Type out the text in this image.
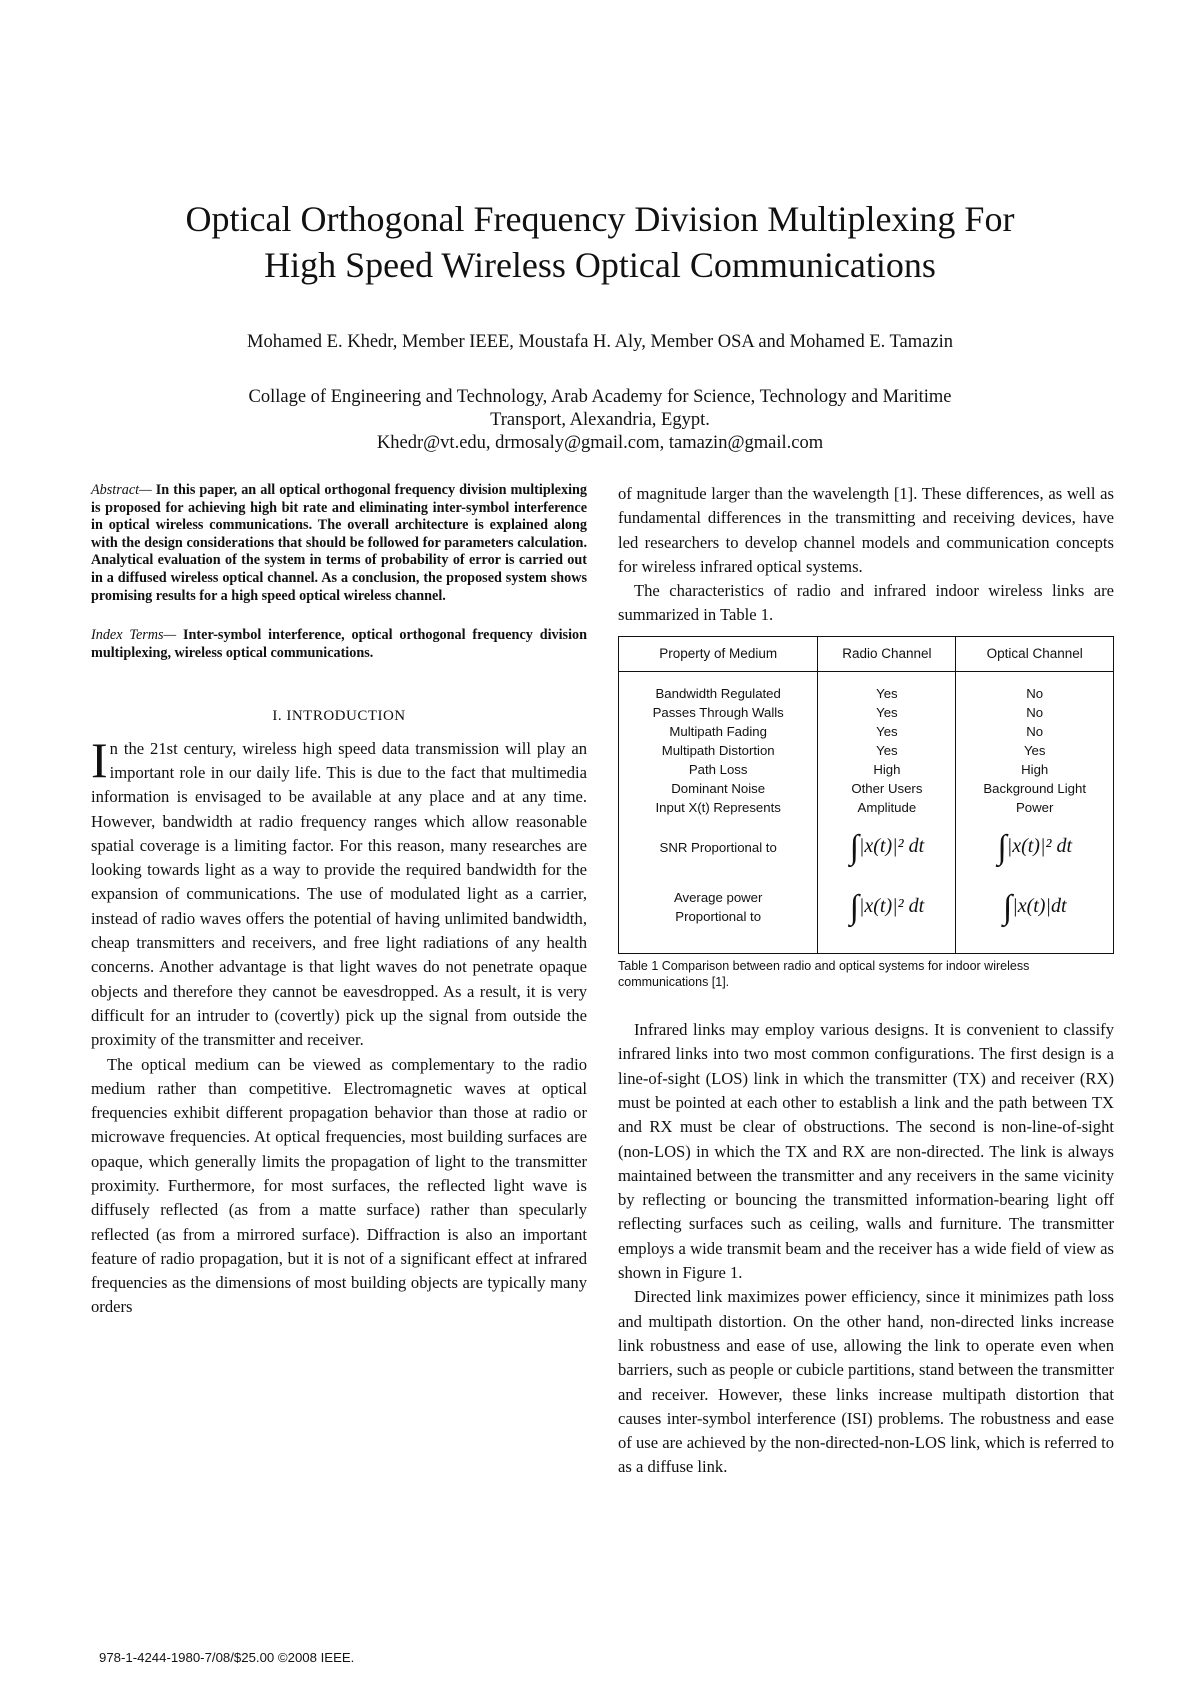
Optical Orthogonal Frequency Division Multiplexing For
High Speed Wireless Optical Communications
Mohamed E. Khedr, Member IEEE, Moustafa H. Aly, Member OSA and Mohamed E. Tamazin
Collage of Engineering and Technology, Arab Academy for Science, Technology and Maritime
Transport, Alexandria, Egypt.
Khedr@vt.edu, drmosaly@gmail.com, tamazin@gmail.com
Abstract— In this paper, an all optical orthogonal frequency division multiplexing is proposed for achieving high bit rate and eliminating inter-symbol interference in optical wireless communications. The overall architecture is explained along with the design considerations that should be followed for parameters calculation. Analytical evaluation of the system in terms of probability of error is carried out in a diffused wireless optical channel. As a conclusion, the proposed system shows promising results for a high speed optical wireless channel.
Index Terms— Inter-symbol interference, optical orthogonal frequency division multiplexing, wireless optical communications.
I. INTRODUCTION

In the 21st century, wireless high speed data transmission will play an important role in our daily life. This is due to the fact that multimedia information is envisaged to be available at any place and at any time. However, bandwidth at radio frequency ranges which allow reasonable spatial coverage is a limiting factor. For this reason, many researches are looking towards light as a way to provide the required bandwidth for the expansion of communications. The use of modulated light as a carrier, instead of radio waves offers the potential of having unlimited bandwidth, cheap transmitters and receivers, and free light radiations of any health concerns. Another advantage is that light waves do not penetrate opaque objects and therefore they cannot be eavesdropped. As a result, it is very difficult for an intruder to (covertly) pick up the signal from outside the proximity of the transmitter and receiver.

The optical medium can be viewed as complementary to the radio medium rather than competitive. Electromagnetic waves at optical frequencies exhibit different propagation behavior than those at radio or microwave frequencies. At optical frequencies, most building surfaces are opaque, which generally limits the propagation of light to the transmitter proximity. Furthermore, for most surfaces, the reflected light wave is diffusely reflected (as from a matte surface) rather than specularly reflected (as from a mirrored surface). Diffraction is also an important feature of radio propagation, but it is not of a significant effect at infrared frequencies as the dimensions of most building objects are typically many orders

of magnitude larger than the wavelength [1]. These differences, as well as fundamental differences in the transmitting and receiving devices, have led researchers to develop channel models and communication concepts for wireless infrared optical systems.

The characteristics of radio and infrared indoor wireless links are summarized in Table 1.

Property of Medium	Radio Channel	Optical Channel
Bandwidth Regulated	Yes	No
Passes Through Walls	Yes	No
Multipath Fading	Yes	No
Multipath Distortion	Yes	Yes
Path Loss	High	High
Dominant Noise	Other Users	Background Light
Input X(t) Represents	Amplitude	Power
SNR Proportional to	∫|x(t)|² dt	∫|x(t)|² dt

Average power
Proportional to	∫|x(t)|² dt	∫|x(t)|dt
Table 1 Comparison between radio and optical systems for indoor wireless communications [1].

Infrared links may employ various designs. It is convenient to classify infrared links into two most common configurations. The first design is a line-of-sight (LOS) link in which the transmitter (TX) and receiver (RX) must be pointed at each other to establish a link and the path between TX and RX must be clear of obstructions. The second is non-line-of-sight (non-LOS) in which the TX and RX are non-directed. The link is always maintained between the transmitter and any receivers in the same vicinity by reflecting or bouncing the transmitted information-bearing light off reflecting surfaces such as ceiling, walls and furniture. The transmitter employs a wide transmit beam and the receiver has a wide field of view as shown in Figure 1.

Directed link maximizes power efficiency, since it minimizes path loss and multipath distortion. On the other hand, non-directed links increase link robustness and ease of use, allowing the link to operate even when barriers, such as people or cubicle partitions, stand between the transmitter and receiver. However, these links increase multipath distortion that causes inter-symbol interference (ISI) problems. The robustness and ease of use are achieved by the non-directed-non-LOS link, which is referred to as a diffuse link.

978-1-4244-1980-7/08/$25.00 ©2008 IEEE.
